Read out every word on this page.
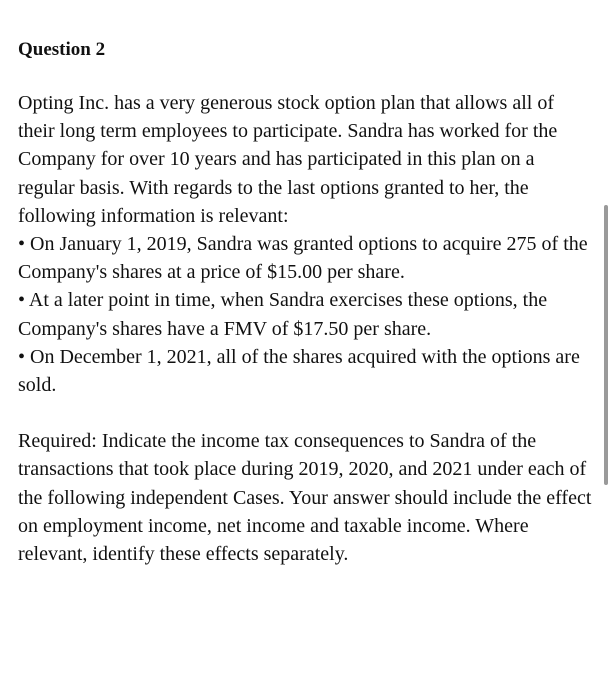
Question 2

Opting Inc. has a very generous stock option plan that allows all of their long term employees to participate. Sandra has worked for the Company for over 10 years and has participated in this plan on a regular basis. With regards to the last options granted to her, the following information is relevant:

• On January 1, 2019, Sandra was granted options to acquire 275 of the Company's shares at a price of $15.00 per share.
• At a later point in time, when Sandra exercises these options, the Company's shares have a FMV of $17.50 per share.
• On December 1, 2021, all of the shares acquired with the options are sold.

Required: Indicate the income tax consequences to Sandra of the transactions that took place during 2019, 2020, and 2021 under each of the following independent Cases. Your answer should include the effect on employment income, net income and taxable income. Where relevant, identify these effects separately.
